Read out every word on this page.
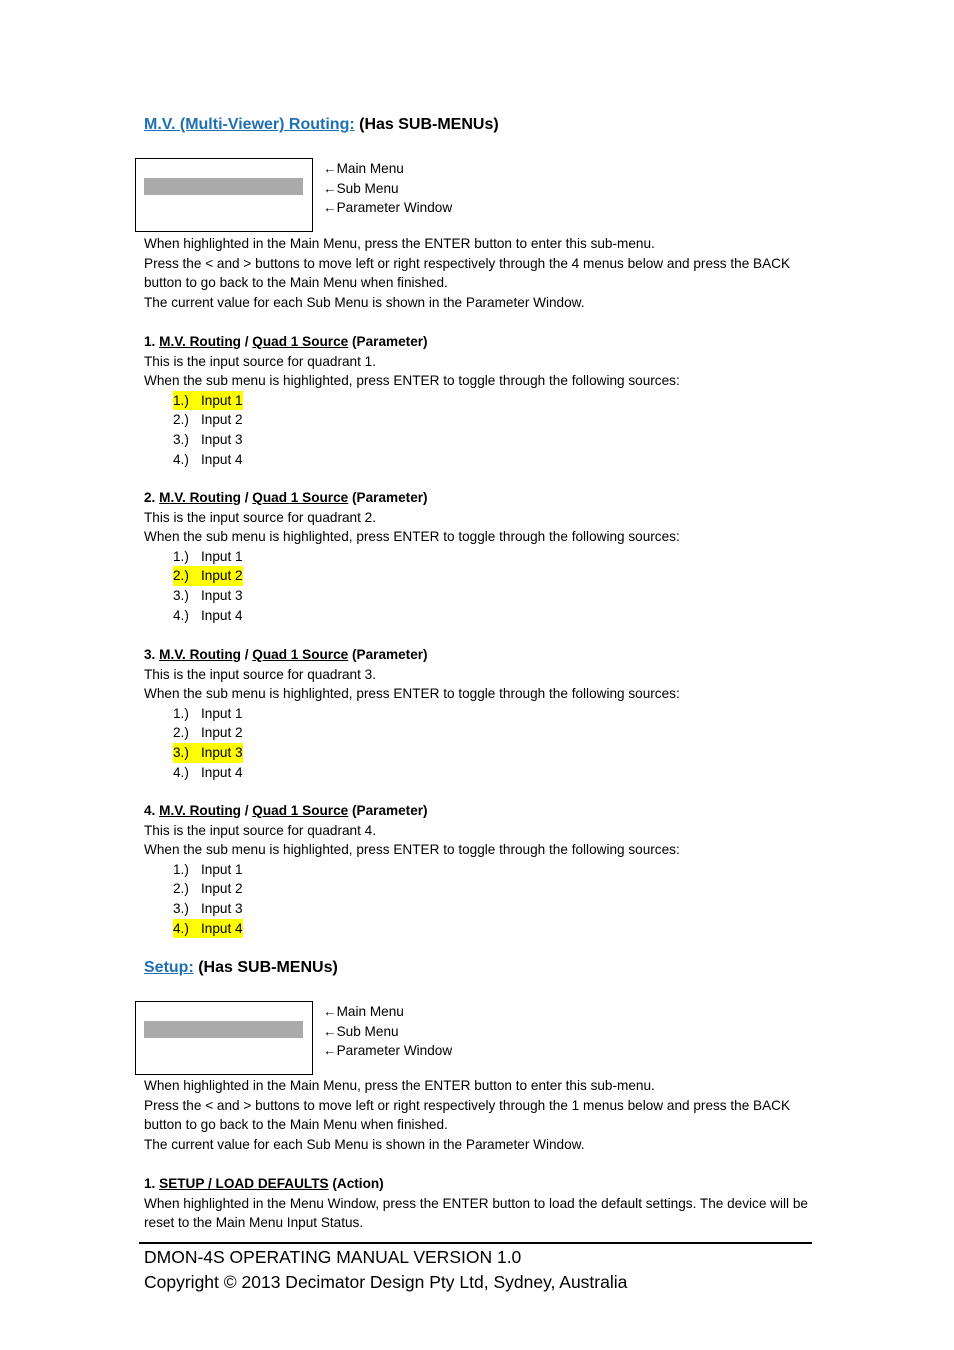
M.V. (Multi-Viewer) Routing: (Has SUB-MENUs)
←Main Menu
←Sub Menu
←Parameter Window

When highlighted in the Main Menu, press the ENTER button to enter this sub-menu.

Press the < and > buttons to move left or right respectively through the 4 menus below and press the BACK button to go back to the Main Menu when finished.

The current value for each Sub Menu is shown in the Parameter Window.

1. M.V. Routing / Quad 1 Source (Parameter)

This is the input source for quadrant 1.

When the sub menu is highlighted, press ENTER to toggle through the following sources:

1.) Input 1
2.) Input 2
3.) Input 3
4.) Input 4
2. M.V. Routing / Quad 1 Source (Parameter)

This is the input source for quadrant 2.

When the sub menu is highlighted, press ENTER to toggle through the following sources:

1.) Input 1
2.) Input 2
3.) Input 3
4.) Input 4
3. M.V. Routing / Quad 1 Source (Parameter)

This is the input source for quadrant 3.

When the sub menu is highlighted, press ENTER to toggle through the following sources:

1.) Input 1
2.) Input 2
3.) Input 3
4.) Input 4
4. M.V. Routing / Quad 1 Source (Parameter)

This is the input source for quadrant 4.

When the sub menu is highlighted, press ENTER to toggle through the following sources:

1.) Input 1
2.) Input 2
3.) Input 3
4.) Input 4
Setup: (Has SUB-MENUs)
←Main Menu
←Sub Menu
←Parameter Window

When highlighted in the Main Menu, press the ENTER button to enter this sub-menu.

Press the < and > buttons to move left or right respectively through the 1 menus below and press the BACK button to go back to the Main Menu when finished.

The current value for each Sub Menu is shown in the Parameter Window.

1. SETUP / LOAD DEFAULTS (Action)

When highlighted in the Menu Window, press the ENTER button to load the default settings. The device will be reset to the Main Menu Input Status.

DMON-4S OPERATING MANUAL VERSION 1.0
Copyright © 2013 Decimator Design Pty Ltd, Sydney, Australia
